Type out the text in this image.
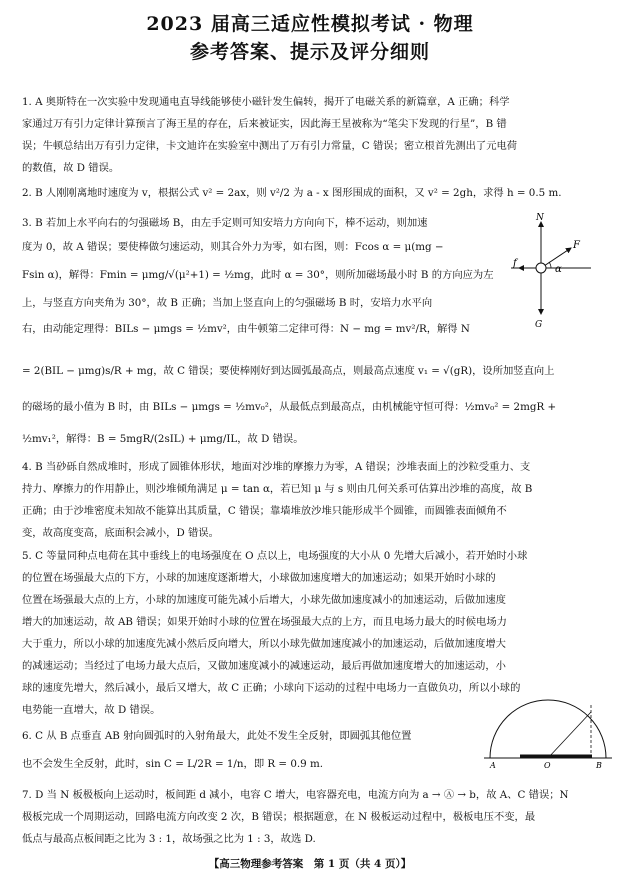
2023 届高三适应性模拟考试 · 物理
参考答案、提示及评分细则
1. A 奥斯特在一次实验中发现通电直导线能够使小磁针发生偏转，揭开了电磁关系的新篇章，A 正确；科学
家通过万有引力定律计算预言了海王星的存在，后来被证实，因此海王星被称为“笔尖下发现的行星”，B 错
误；牛顿总结出万有引力定律，卡文迪许在实验室中测出了万有引力常量，C 错误；密立根首先测出了元电荷
的数值，故 D 错误。
2. B 人刚刚离地时速度为 v，根据公式 v² = 2ax，则 v²/2 为 a - x 图形围成的面积，又 v² = 2gh，求得 h = 0.5 m.
3. B 若加上水平向右的匀强磁场 B，由左手定则可知安培力方向向下，棒不运动，则加速
度为 0，故 A 错误；要使棒做匀速运动，则其合外力为零，如右图，则：Fcos α = μ(mg −
Fsin α)，解得：Fmin = μmg/√(μ²+1) = ½mg，此时 α = 30°，则所加磁场最小时 B 的方向应为左
上，与竖直方向夹角为 30°，故 B 正确；当加上竖直向上的匀强磁场 B 时，安培力水平向
右，由动能定理得：BILs − μmgs = ½mv²，由牛顿第二定律可得：N − mg = mv²/R，解得 N
= 2(BIL − μmg)s/R + mg，故 C 错误；要使棒刚好到达圆弧最高点，则最高点速度 v₁ = √(gR)，设所加竖直向上
的磁场的最小值为 B 时，由 BILs − μmgs = ½mv₀²，从最低点到最高点，由机械能守恒可得：½mv₀² = 2mgR +
½mv₁²，解得：B = 5mgR/(2sIL) + μmg/IL，故 D 错误。
4. B 当砂砾自然成堆时，形成了圆锥体形状，地面对沙堆的摩擦力为零，A 错误；沙堆表面上的沙粒受重力、支
持力、摩擦力的作用静止，则沙堆倾角满足 μ = tan α，若已知 μ 与 s 则由几何关系可估算出沙堆的高度，故 B
正确；由于沙堆密度未知故不能算出其质量，C 错误；靠墙堆放沙堆只能形成半个圆锥，而圆锥表面倾角不
变，故高度变高，底面积会减小，D 错误。
5. C 等量同种点电荷在其中垂线上的电场强度在 O 点以上，电场强度的大小从 0 先增大后减小，若开始时小球
的位置在场强最大点的下方，小球的加速度逐渐增大，小球做加速度增大的加速运动；如果开始时小球的
位置在场强最大点的上方，小球的加速度可能先减小后增大，小球先做加速度减小的加速运动，后做加速度
增大的加速运动，故 AB 错误；如果开始时小球的位置在场强最大点的上方，而且电场力最大的时候电场力
大于重力，所以小球的加速度先减小然后反向增大，所以小球先做加速度减小的加速运动，后做加速度增大
的减速运动；当经过了电场力最大点后，又做加速度减小的减速运动，最后再做加速度增大的加速运动，小
球的速度先增大，然后减小，最后又增大，故 C 正确；小球向下运动的过程中电场力一直做负功，所以小球的
电势能一直增大，故 D 错误。
6. C 从 B 点垂直 AB 射向圆弧时的入射角最大，此处不发生全反射，即圆弧其他位置
也不会发生全反射，此时，sin C = L/2R = 1/n，即 R = 0.9 m.
7. D 当 N 板极板向上运动时，板间距 d 减小，电容 C 增大，电容器充电，电流方向为 a → Ⓐ → b，故 A、C 错误；N
极板完成一个周期运动，回路电流方向改变 2 次，B 错误；根据题意，在 N 极板运动过程中，极板电压不变，最
低点与最高点板间距之比为 3 : 1，故场强之比为 1 : 3，故选 D.
N
F
f
α
G
A	O	B
【高三物理参考答案　第 1 页（共 4 页）】
